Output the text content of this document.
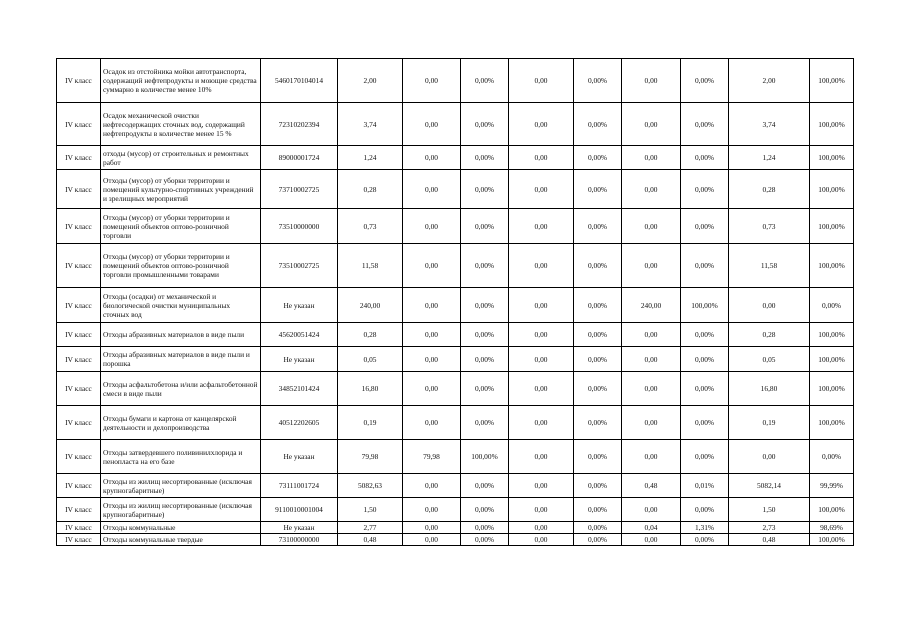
IV класс	Осадок из отстойника мойки автотранспорта, содержащий нефтепродукты и моющие средства суммарно в количестве менее 10%	5460170104014	2,00	0,00	0,00%	0,00	0,00%	0,00	0,00%	2,00	100,00%
IV класс	Осадок механической очистки нефтесодержащих сточных вод, содержащий нефтепродукты в количестве менее 15 %	72310202394	3,74	0,00	0,00%	0,00	0,00%	0,00	0,00%	3,74	100,00%
IV класс	отходы (мусор) от строительных и ремонтных работ	89000001724	1,24	0,00	0,00%	0,00	0,00%	0,00	0,00%	1,24	100,00%
IV класс	Отходы (мусор) от уборки территории и помещений культурно-спортивных учреждений и зрелищных мероприятий	73710002725	0,28	0,00	0,00%	0,00	0,00%	0,00	0,00%	0,28	100,00%
IV класс	Отходы (мусор) от уборки территории и помещений объектов оптово-розничной торговли	73510000000	0,73	0,00	0,00%	0,00	0,00%	0,00	0,00%	0,73	100,00%
IV класс	Отходы (мусор) от уборки территории и помещений объектов оптово-розничной торговли промышленными товарами	73510002725	11,58	0,00	0,00%	0,00	0,00%	0,00	0,00%	11,58	100,00%
IV класс	Отходы (осадки) от механической и биологической очистки муниципальных сточных вод	Не указан	240,00	0,00	0,00%	0,00	0,00%	240,00	100,00%	0,00	0,00%
IV класс	Отходы абразивных материалов в виде пыли	45620051424	0,28	0,00	0,00%	0,00	0,00%	0,00	0,00%	0,28	100,00%
IV класс	Отходы абразивных материалов в виде пыли и порошка	Не указан	0,05	0,00	0,00%	0,00	0,00%	0,00	0,00%	0,05	100,00%
IV класс	Отходы асфальтобетона и/или асфальтобетонной смеси в виде пыли	34852101424	16,80	0,00	0,00%	0,00	0,00%	0,00	0,00%	16,80	100,00%
IV класс	Отходы бумаги и картона от канцелярской деятельности и делопроизводства	40512202605	0,19	0,00	0,00%	0,00	0,00%	0,00	0,00%	0,19	100,00%
IV класс	Отходы затвердевшего поливинилхлорида и пенопласта на его базе	Не указан	79,98	79,98	100,00%	0,00	0,00%	0,00	0,00%	0,00	0,00%
IV класс	Отходы из жилищ несортированные (исключая крупногабаритные)	73111001724	5082,63	0,00	0,00%	0,00	0,00%	0,48	0,01%	5082,14	99,99%
IV класс	Отходы из жилищ несортированные (исключая крупногабаритные)	9110010001004	1,50	0,00	0,00%	0,00	0,00%	0,00	0,00%	1,50	100,00%
IV класс	Отходы коммунальные	Не указан	2,77	0,00	0,00%	0,00	0,00%	0,04	1,31%	2,73	98,69%
IV класс	Отходы коммунальные твердые	73100000000	0,48	0,00	0,00%	0,00	0,00%	0,00	0,00%	0,48	100,00%
